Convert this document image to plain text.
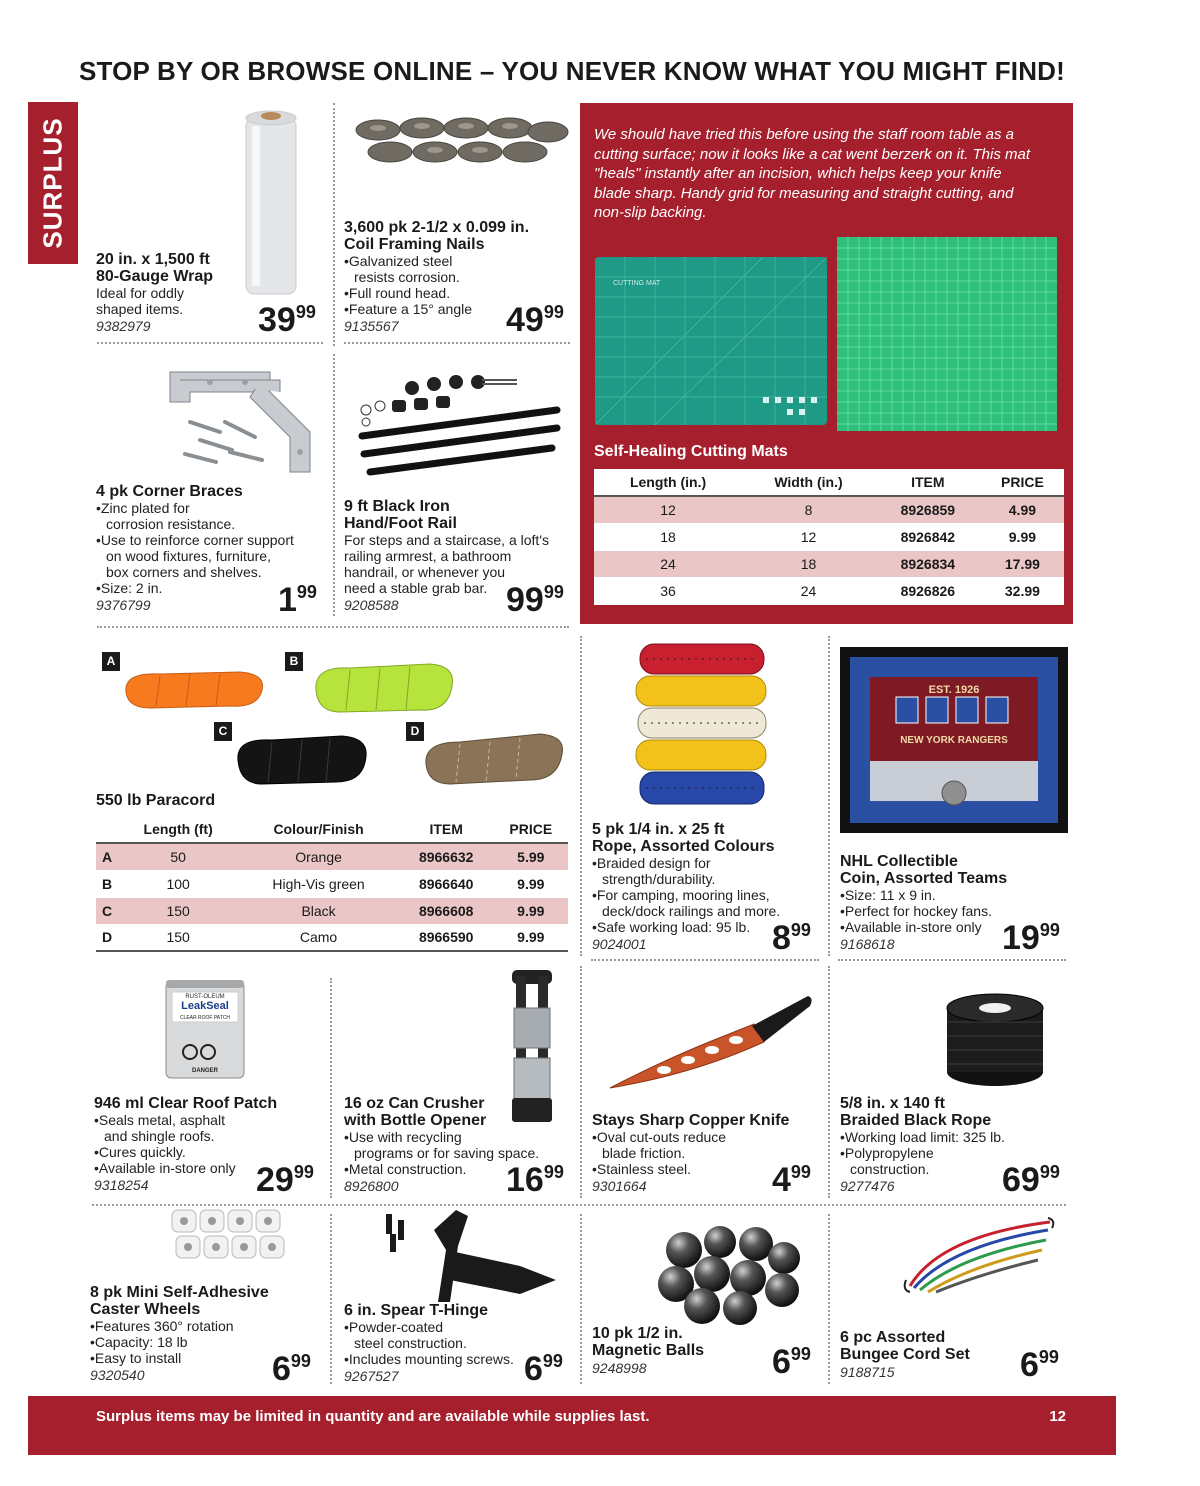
STOP BY OR BROWSE ONLINE – YOU NEVER KNOW WHAT YOU MIGHT FIND!
SURPLUS
20 in. x 1,500 ft
80-Gauge Wrap
Ideal for oddly
shaped items.
9382979	$39^{99}$
3,600 pk 2-1/2 x 0.099 in.
Coil Framing Nails
•Galvanized steel
resists corrosion.
•Full round head.
•Feature a 15° angle
9135567	$49^{99}$
4 pk Corner Braces
•Zinc plated for
corrosion resistance.
•Use to reinforce corner support
on wood fixtures, furniture,
box corners and shelves.
•Size: 2 in.
9376799	$1^{99}$
9 ft Black Iron
Hand/Foot Rail
For steps and a staircase, a loft's
railing armrest, a bathroom
handrail, or whenever you
need a stable grab bar.
9208588	$99^{99}$
We should have tried this before using the staff room table as a cutting surface; now it looks like a cat went berzerk on it. This mat "heals" instantly after an incision, which helps keep your knife blade sharp. Handy grid for measuring and straight cutting, and non-slip backing.
CUTTING MAT
Self-Healing Cutting Mats
Length (in.)	Width (in.)	ITEM	PRICE
12	8	8926859	4.99
18	12	8926842	9.99
24	18	8926834	17.99
36	24	8926826	32.99
A	B
C	D
550 lb Paracord
	Length (ft)	Colour/Finish	ITEM	PRICE
A	50	Orange	8966632	5.99
B	100	High-Vis green	8966640	9.99
C	150	Black	8966608	9.99
D	150	Camo	8966590	9.99
5 pk 1/4 in. x 25 ft
Rope, Assorted Colours
•Braided design for
strength/durability.
•For camping, mooring lines,
deck/dock railings and more.
•Safe working load: 95 lb.
9024001	$8^{99}$
EST. 1926
NEW YORK RANGERS
NHL Collectible
Coin, Assorted Teams
•Size: 11 x 9 in.
•Perfect for hockey fans.
•Available in-store only
9168618	$19^{99}$
RUST-OLEUM
LeakSeal
CLEAR ROOF PATCH
DANGER
946 ml Clear Roof Patch
•Seals metal, asphalt
and shingle roofs.
•Cures quickly.
•Available in-store only
9318254	$29^{99}$
16 oz Can Crusher
with Bottle Opener
•Use with recycling
programs or for saving space.
•Metal construction.
8926800	$16^{99}$
Stays Sharp Copper Knife
•Oval cut-outs reduce
blade friction.
•Stainless steel.
9301664	$4^{99}$
5/8 in. x 140 ft
Braided Black Rope
•Working load limit: 325 lb.
•Polypropylene
construction.
9277476	$69^{99}$
8 pk Mini Self-Adhesive
Caster Wheels
•Features 360° rotation
•Capacity: 18 lb
•Easy to install
9320540	$6^{99}$
6 in. Spear T-Hinge
•Powder-coated
steel construction.
•Includes mounting screws.
9267527	$6^{99}$
10 pk 1/2 in.
Magnetic Balls
9248998	$6^{99}$
6 pc Assorted
Bungee Cord Set
9188715	$6^{99}$
Surplus items may be limited in quantity and are available while supplies last.	12
